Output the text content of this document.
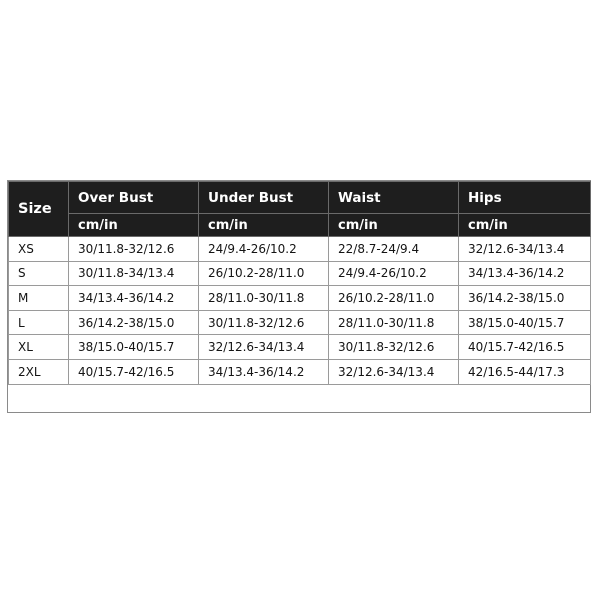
Size	Over Bust	Under Bust	Waist	Hips
	cm/in	cm/in	cm/in	cm/in
XS	30/11.8-32/12.6	24/9.4-26/10.2	22/8.7-24/9.4	32/12.6-34/13.4
S	30/11.8-34/13.4	26/10.2-28/11.0	24/9.4-26/10.2	34/13.4-36/14.2
M	34/13.4-36/14.2	28/11.0-30/11.8	26/10.2-28/11.0	36/14.2-38/15.0
L	36/14.2-38/15.0	30/11.8-32/12.6	28/11.0-30/11.8	38/15.0-40/15.7
XL	38/15.0-40/15.7	32/12.6-34/13.4	30/11.8-32/12.6	40/15.7-42/16.5
2XL	40/15.7-42/16.5	34/13.4-36/14.2	32/12.6-34/13.4	42/16.5-44/17.3
